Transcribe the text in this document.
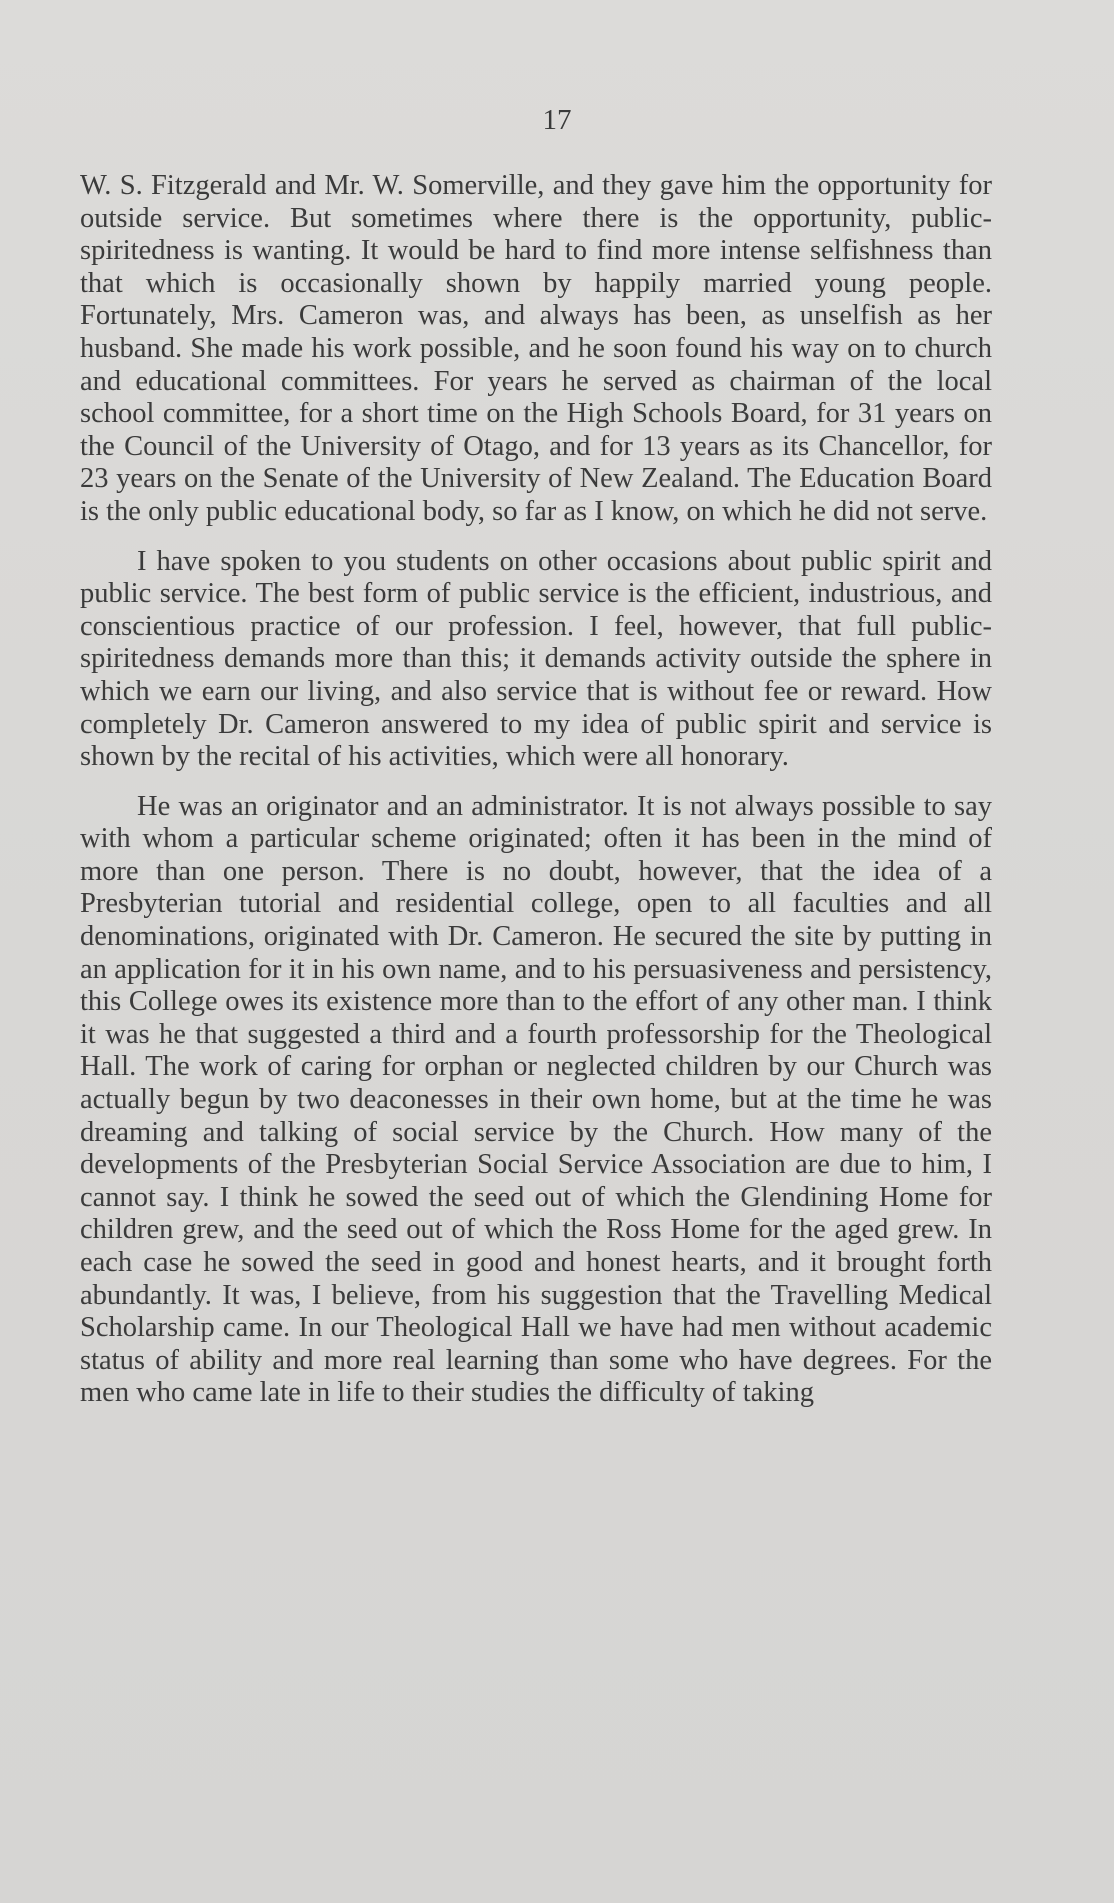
17

W. S. Fitzgerald and Mr. W. Somerville, and they gave him the opportunity for outside service. But sometimes where there is the opportunity, public-spiritedness is wanting. It would be hard to find more intense selfishness than that which is occasionally shown by happily married young people. Fortunately, Mrs. Cameron was, and always has been, as unselfish as her husband. She made his work possible, and he soon found his way on to church and educational committees. For years he served as chairman of the local school committee, for a short time on the High Schools Board, for 31 years on the Council of the University of Otago, and for 13 years as its Chancellor, for 23 years on the Senate of the University of New Zealand. The Education Board is the only public educational body, so far as I know, on which he did not serve.

I have spoken to you students on other occasions about public spirit and public service. The best form of public service is the efficient, industrious, and conscientious practice of our profession. I feel, however, that full public-spiritedness demands more than this; it demands activity outside the sphere in which we earn our living, and also service that is without fee or reward. How completely Dr. Cameron answered to my idea of public spirit and service is shown by the recital of his activities, which were all honorary.

He was an originator and an administrator. It is not always possible to say with whom a particular scheme originated; often it has been in the mind of more than one person. There is no doubt, however, that the idea of a Presbyterian tutorial and residential college, open to all faculties and all denominations, originated with Dr. Cameron. He secured the site by putting in an application for it in his own name, and to his persuasiveness and persistency, this College owes its existence more than to the effort of any other man. I think it was he that suggested a third and a fourth professorship for the Theological Hall. The work of caring for orphan or neglected children by our Church was actually begun by two deaconesses in their own home, but at the time he was dreaming and talking of social service by the Church. How many of the developments of the Presbyterian Social Service Association are due to him, I cannot say. I think he sowed the seed out of which the Glendining Home for children grew, and the seed out of which the Ross Home for the aged grew. In each case he sowed the seed in good and honest hearts, and it brought forth abundantly. It was, I believe, from his suggestion that the Travelling Medical Scholarship came. In our Theological Hall we have had men without academic status of ability and more real learning than some who have degrees. For the men who came late in life to their studies the difficulty of taking
